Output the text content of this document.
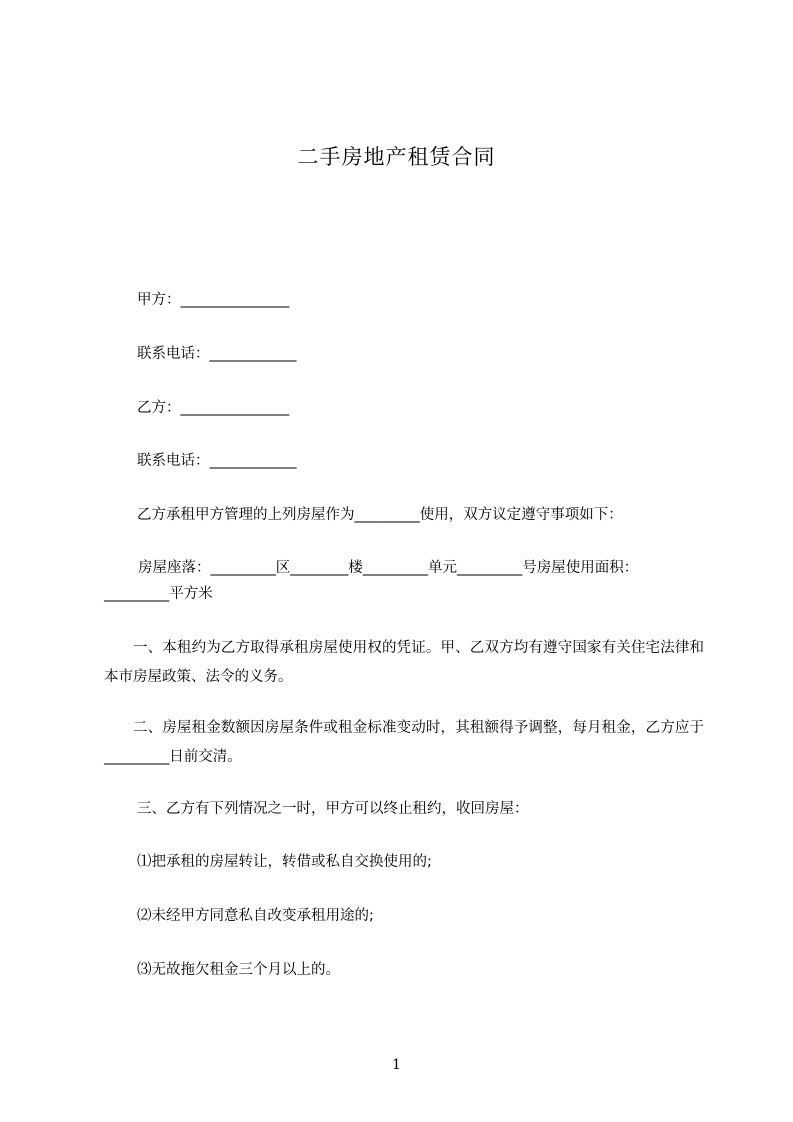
二手房地产租赁合同
甲方：_______________
联系电话：____________
乙方：_______________
联系电话：____________
乙方承租甲方管理的上列房屋作为_________使用，双方议定遵守事项如下：
房屋座落：_________区________楼_________单元_________号房屋使用面积：
_________平方米
一、本租约为乙方取得承租房屋使用权的凭证。甲、乙双方均有遵守国家有关住宅法律和本市房屋政策、法令的义务。
二、房屋租金数额因房屋条件或租金标准变动时，其租额得予调整，每月租金，乙方应于_________日前交清。
三、乙方有下列情况之一时，甲方可以终止租约，收回房屋：
⑴把承租的房屋转让，转借或私自交换使用的;
⑵未经甲方同意私自改变承租用途的;
⑶无故拖欠租金三个月以上的。
1
